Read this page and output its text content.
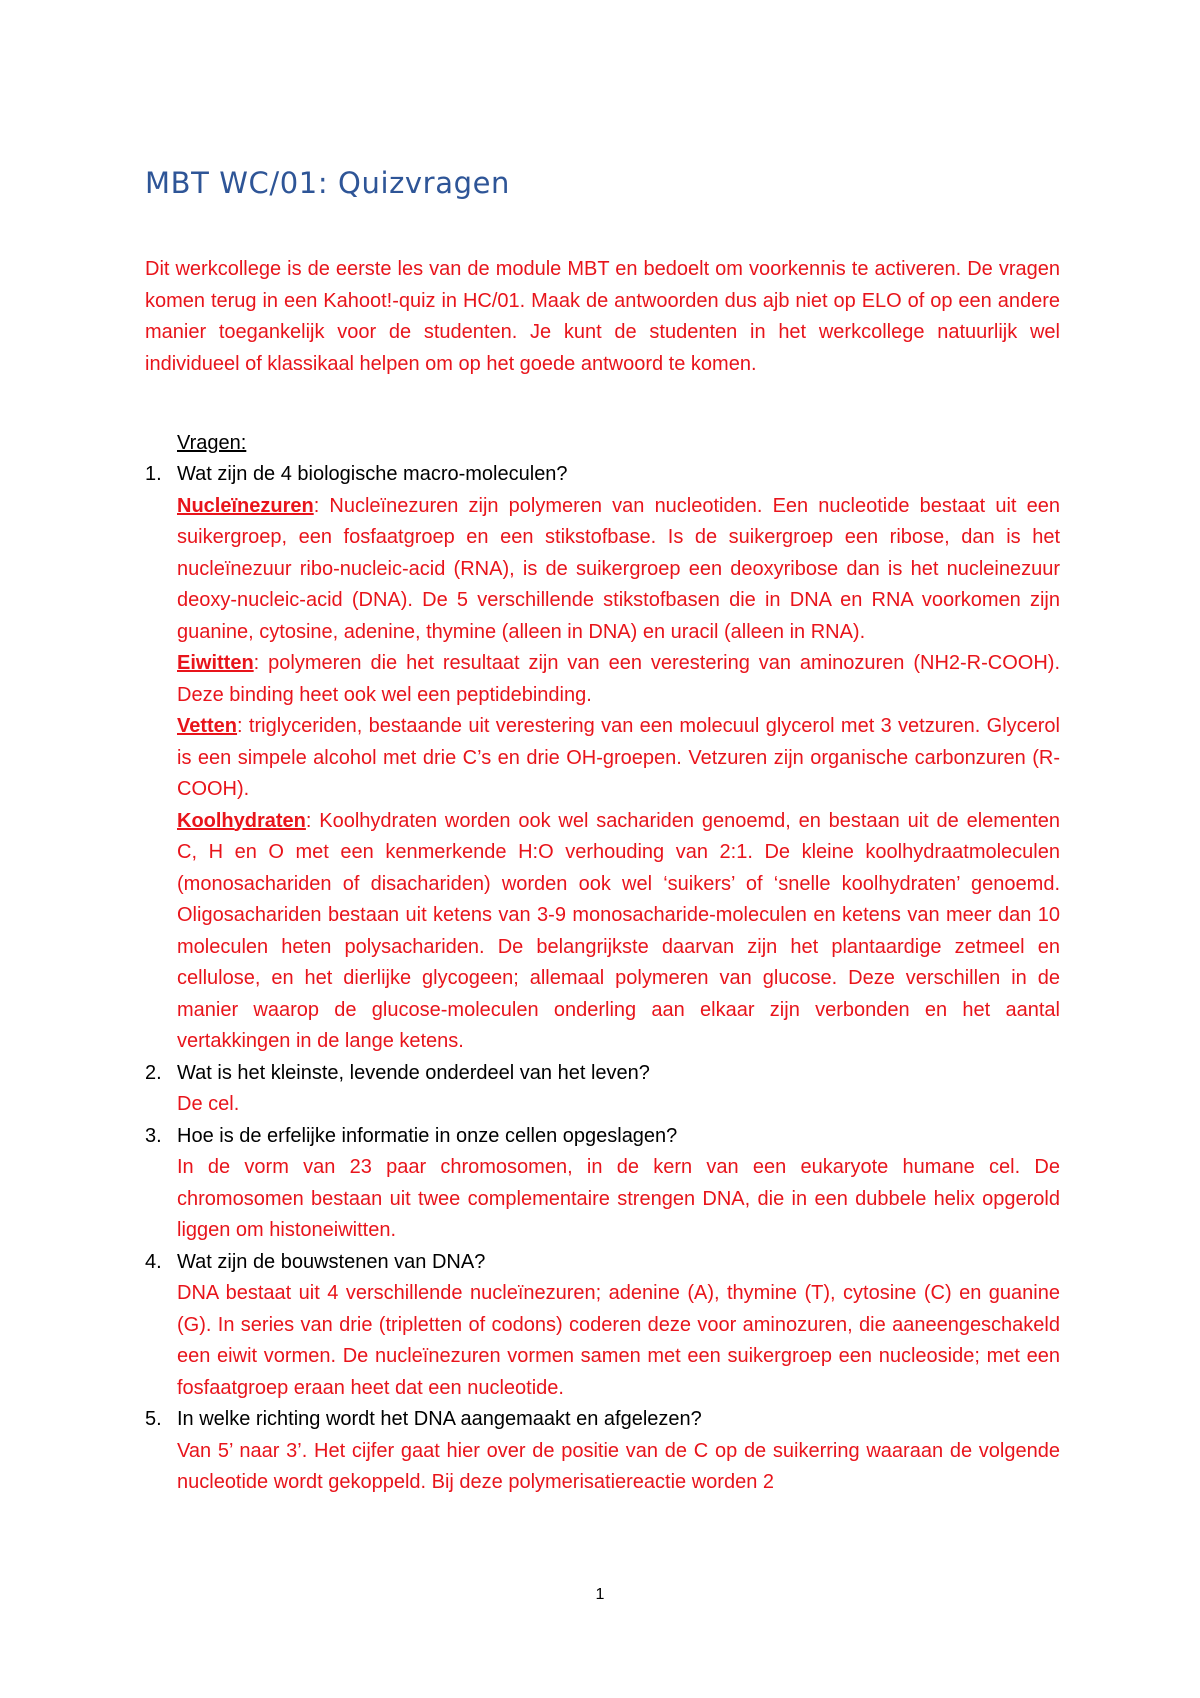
MBT WC/01: Quizvragen

Dit werkcollege is de eerste les van de module MBT en bedoelt om voorkennis te activeren. De vragen komen terug in een Kahoot!-quiz in HC/01. Maak de antwoorden dus ajb niet op ELO of op een andere manier toegankelijk voor de studenten. Je kunt de studenten in het werkcollege natuurlijk wel individueel of klassikaal helpen om op het goede antwoord te komen.

Vragen:

1. Wat zijn de 4 biologische macro-moleculen?

Nucleïnezuren: Nucleïnezuren zijn polymeren van nucleotiden. Een nucleotide bestaat uit een suikergroep, een fosfaatgroep en een stikstofbase. Is de suikergroep een ribose, dan is het nucleïnezuur ribo-nucleic-acid (RNA), is de suikergroep een deoxyribose dan is het nucleinezuur deoxy-nucleic-acid (DNA). De 5 verschillende stikstofbasen die in DNA en RNA voorkomen zijn guanine, cytosine, adenine, thymine (alleen in DNA) en uracil (alleen in RNA).

Eiwitten: polymeren die het resultaat zijn van een verestering van aminozuren (NH2-R-COOH). Deze binding heet ook wel een peptidebinding.

Vetten: triglyceriden, bestaande uit verestering van een molecuul glycerol met 3 vetzuren. Glycerol is een simpele alcohol met drie C’s en drie OH-groepen. Vetzuren zijn organische carbonzuren (R-COOH).

Koolhydraten: Koolhydraten worden ook wel sachariden genoemd, en bestaan uit de elementen C, H en O met een kenmerkende H:O verhouding van 2:1. De kleine koolhydraatmoleculen (monosachariden of disachariden) worden ook wel ‘suikers’ of ‘snelle koolhydraten’ genoemd. Oligosachariden bestaan uit ketens van 3-9 monosacharide-moleculen en ketens van meer dan 10 moleculen heten polysachariden. De belangrijkste daarvan zijn het plantaardige zetmeel en cellulose, en het dierlijke glycogeen; allemaal polymeren van glucose. Deze verschillen in de manier waarop de glucose-moleculen onderling aan elkaar zijn verbonden en het aantal vertakkingen in de lange ketens.

2. Wat is het kleinste, levende onderdeel van het leven?

De cel.

3. Hoe is de erfelijke informatie in onze cellen opgeslagen?

In de vorm van 23 paar chromosomen, in de kern van een eukaryote humane cel. De chromosomen bestaan uit twee complementaire strengen DNA, die in een dubbele helix opgerold liggen om histoneiwitten.

4. Wat zijn de bouwstenen van DNA?

DNA bestaat uit 4 verschillende nucleïnezuren; adenine (A), thymine (T), cytosine (C) en guanine (G). In series van drie (tripletten of codons) coderen deze voor aminozuren, die aaneengeschakeld een eiwit vormen. De nucleïnezuren vormen samen met een suikergroep een nucleoside; met een fosfaatgroep eraan heet dat een nucleotide.

5. In welke richting wordt het DNA aangemaakt en afgelezen?

Van 5’ naar 3’. Het cijfer gaat hier over de positie van de C op de suikerring waaraan de volgende nucleotide wordt gekoppeld. Bij deze polymerisatiereactie worden 2

1
